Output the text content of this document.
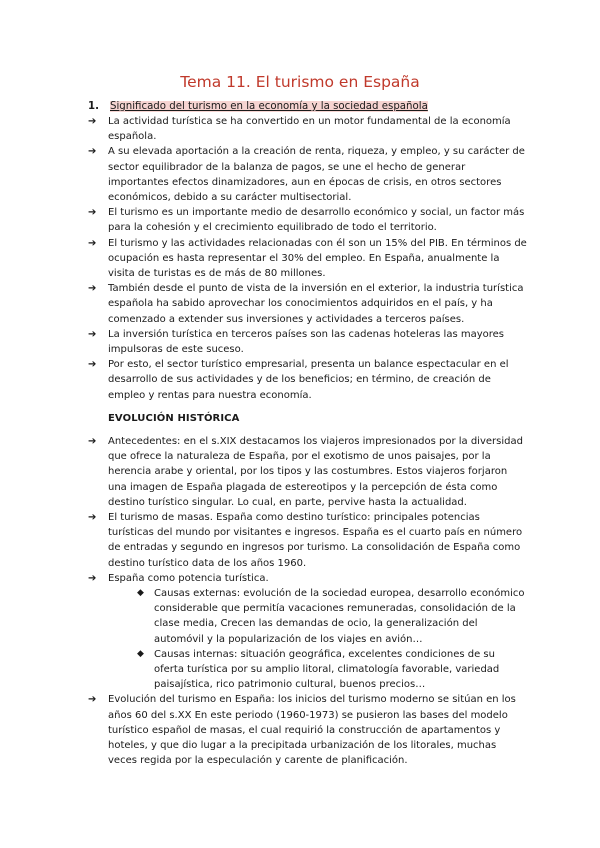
Tema 11. El turismo en España
1. Significado del turismo en la economía y la sociedad española
➔ La actividad turística se ha convertido en un motor fundamental de la economía española.
➔ A su elevada aportación a la creación de renta, riqueza, y empleo, y su carácter de sector equilibrador de la balanza de pagos, se une el hecho de generar importantes efectos dinamizadores, aun en épocas de crisis, en otros sectores económicos, debido a su carácter multisectorial.
➔ El turismo es un importante medio de desarrollo económico y social, un factor más para la cohesión y el crecimiento equilibrado de todo el territorio.
➔ El turismo y las actividades relacionadas con él son un 15% del PIB. En términos de ocupación es hasta representar el 30% del empleo. En España, anualmente la visita de turistas es de más de 80 millones.
➔ También desde el punto de vista de la inversión en el exterior, la industria turística española ha sabido aprovechar los conocimientos adquiridos en el país, y ha comenzado a extender sus inversiones y actividades a terceros países.
➔ La inversión turística en terceros países son las cadenas hoteleras las mayores impulsoras de este suceso.
➔ Por esto, el sector turístico empresarial, presenta un balance espectacular en el desarrollo de sus actividades y de los beneficios; en término, de creación de empleo y rentas para nuestra economía.
EVOLUCIÓN HISTÓRICA
➔ Antecedentes: en el s.XIX destacamos los viajeros impresionados por la diversidad que ofrece la naturaleza de España, por el exotismo de unos paisajes, por la herencia arabe y oriental, por los tipos y las costumbres. Estos viajeros forjaron una imagen de España plagada de estereotipos y la percepción de ésta como destino turístico singular. Lo cual, en parte, pervive hasta la actualidad.
➔ El turismo de masas. España como destino turístico: principales potencias turísticas del mundo por visitantes e ingresos. España es el cuarto país en número de entradas y segundo en ingresos por turismo. La consolidación de España como destino turístico data de los años 1960.
➔ España como potencia turística.
◆ Causas externas: evolución de la sociedad europea, desarrollo económico considerable que permitía vacaciones remuneradas, consolidación de la clase media, Crecen las demandas de ocio, la generalización del automóvil y la popularización de los viajes en avión…
◆ Causas internas: situación geográfica, excelentes condiciones de su oferta turística por su amplio litoral, climatología favorable, variedad paisajística, rico patrimonio cultural, buenos precios…
➔ Evolución del turismo en España: los inicios del turismo moderno se sitúan en los años 60 del s.XX En este periodo (1960-1973) se pusieron las bases del modelo turístico español de masas, el cual requirió la construcción de apartamentos y hoteles, y que dio lugar a la precipitada urbanización de los litorales, muchas veces regida por la especulación y carente de planificación.
